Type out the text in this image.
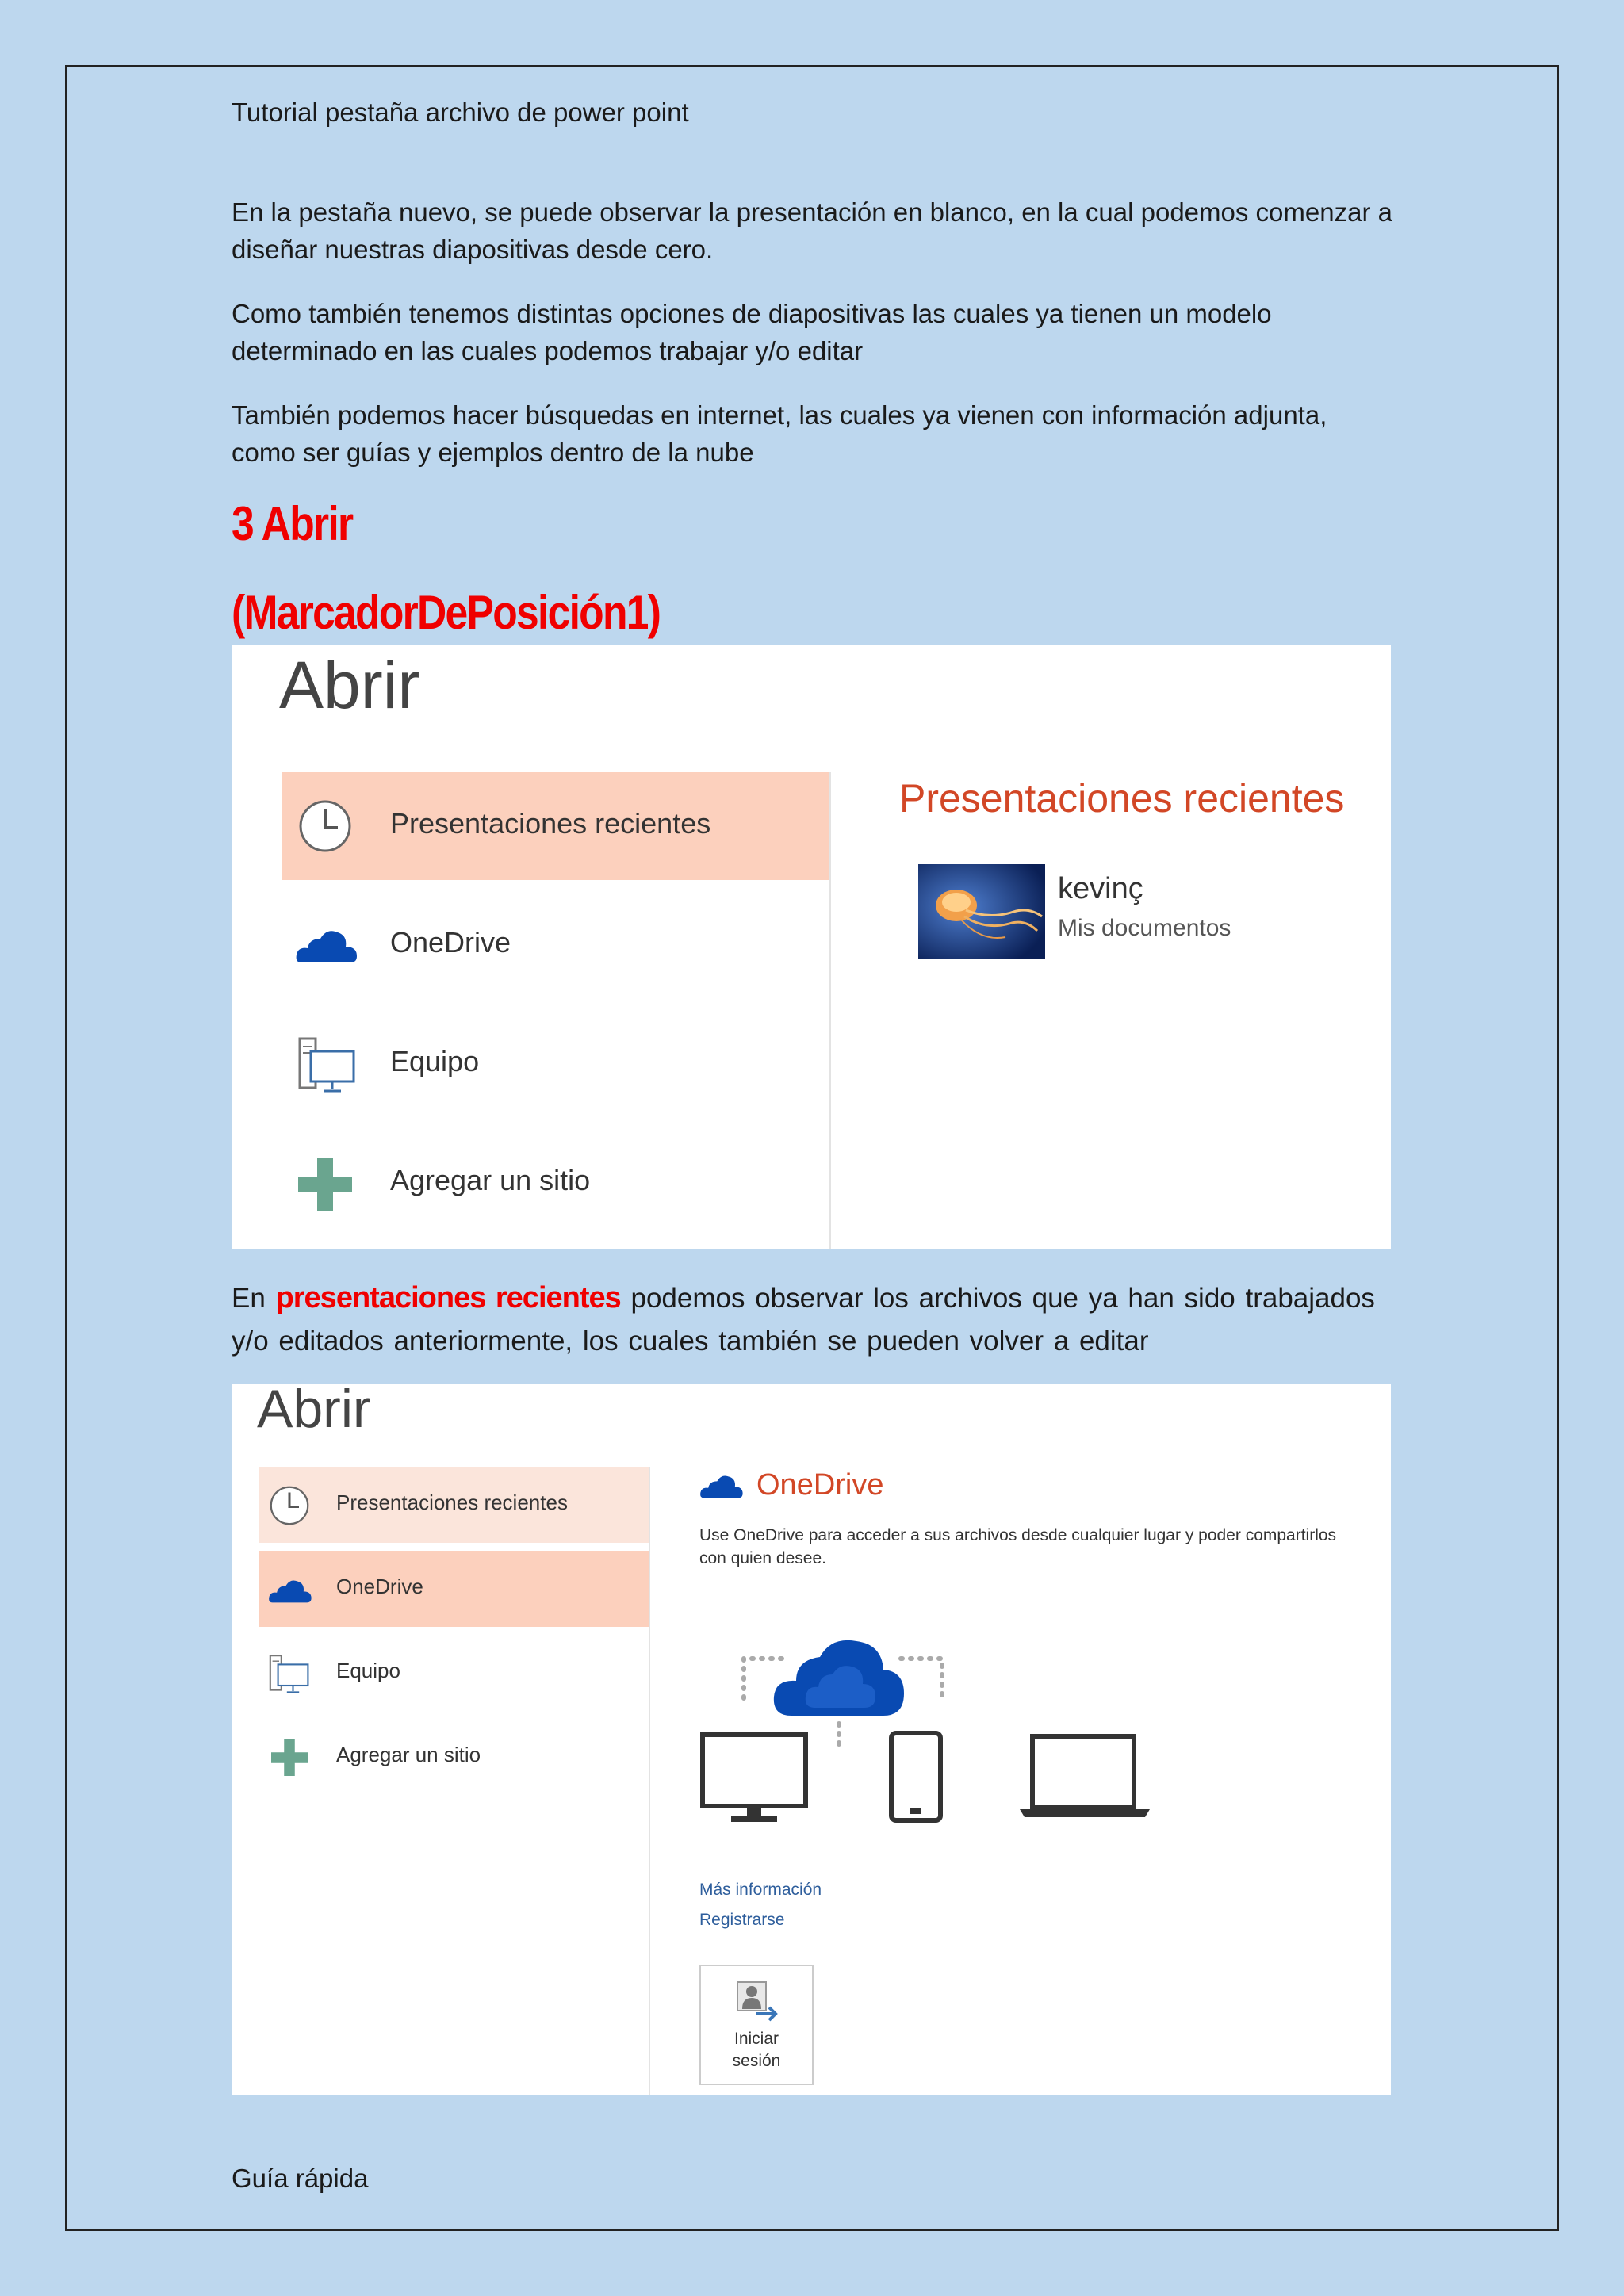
Tutorial pestaña archivo de power point

En la pestaña nuevo, se puede observar la presentación en blanco, en la cual podemos comenzar a diseñar nuestras diapositivas desde cero.

Como también tenemos distintas opciones de diapositivas las cuales ya tienen un modelo determinado en las cuales podemos trabajar y/o editar

También podemos hacer búsquedas en internet, las cuales ya vienen con información adjunta, como ser guías y ejemplos dentro de la nube

3 Abrir

(MarcadorDePosición1)

Abrir
Presentaciones recientes
OneDrive
Equipo
Agregar un sitio
Presentaciones recientes
kevinç
Mis documentos

En presentaciones recientes podemos observar los archivos que ya han sido trabajados y/o editados anteriormente, los cuales también se pueden volver a editar

Abrir
Presentaciones recientes
OneDrive
Equipo
Agregar un sitio
OneDrive
Use OneDrive para acceder a sus archivos desde cualquier lugar y poder compartirlos con quien desee.
Más información
Registrarse
Iniciar
sesión

Guía rápida
